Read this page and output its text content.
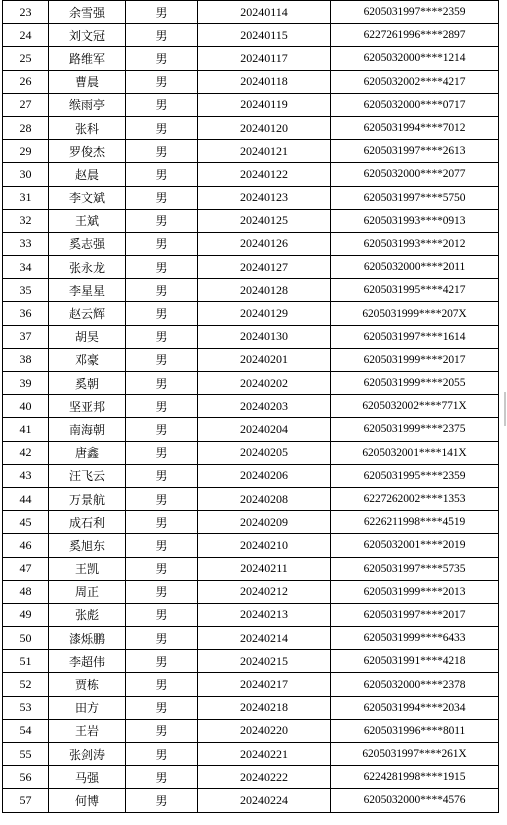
23	余雪强	男	20240114	6205031997****2359
24	刘文冠	男	20240115	6227261996****2897
25	路维军	男	20240117	6205032000****1214
26	曹晨	男	20240118	6205032002****4217
27	缑雨亭	男	20240119	6205032000****0717
28	张科	男	20240120	6205031994****7012
29	罗俊杰	男	20240121	6205031997****2613
30	赵晨	男	20240122	6205032000****2077
31	李文斌	男	20240123	6205031997****5750
32	王斌	男	20240125	6205031993****0913
33	奚志强	男	20240126	6205031993****2012
34	张永龙	男	20240127	6205032000****2011
35	李星星	男	20240128	6205031995****4217
36	赵云辉	男	20240129	6205031999****207X
37	胡昊	男	20240130	6205031997****1614
38	邓豪	男	20240201	6205031999****2017
39	奚朝	男	20240202	6205031999****2055
40	坚亚邦	男	20240203	6205032002****771X
41	南海朝	男	20240204	6205031999****2375
42	唐鑫	男	20240205	6205032001****141X
43	汪飞云	男	20240206	6205031995****2359
44	万景航	男	20240208	6227262002****1353
45	成石利	男	20240209	6226211998****4519
46	奚旭东	男	20240210	6205032001****2019
47	王凯	男	20240211	6205031997****5735
48	周正	男	20240212	6205031999****2013
49	张彪	男	20240213	6205031997****2017
50	漆烁鹏	男	20240214	6205031999****6433
51	李超伟	男	20240215	6205031991****4218
52	贾栋	男	20240217	6205032000****2378
53	田方	男	20240218	6205031994****2034
54	王岩	男	20240220	6205031996****8011
55	张剑涛	男	20240221	6205031997****261X
56	马强	男	20240222	6224281998****1915
57	何博	男	20240224	6205032000****4576
